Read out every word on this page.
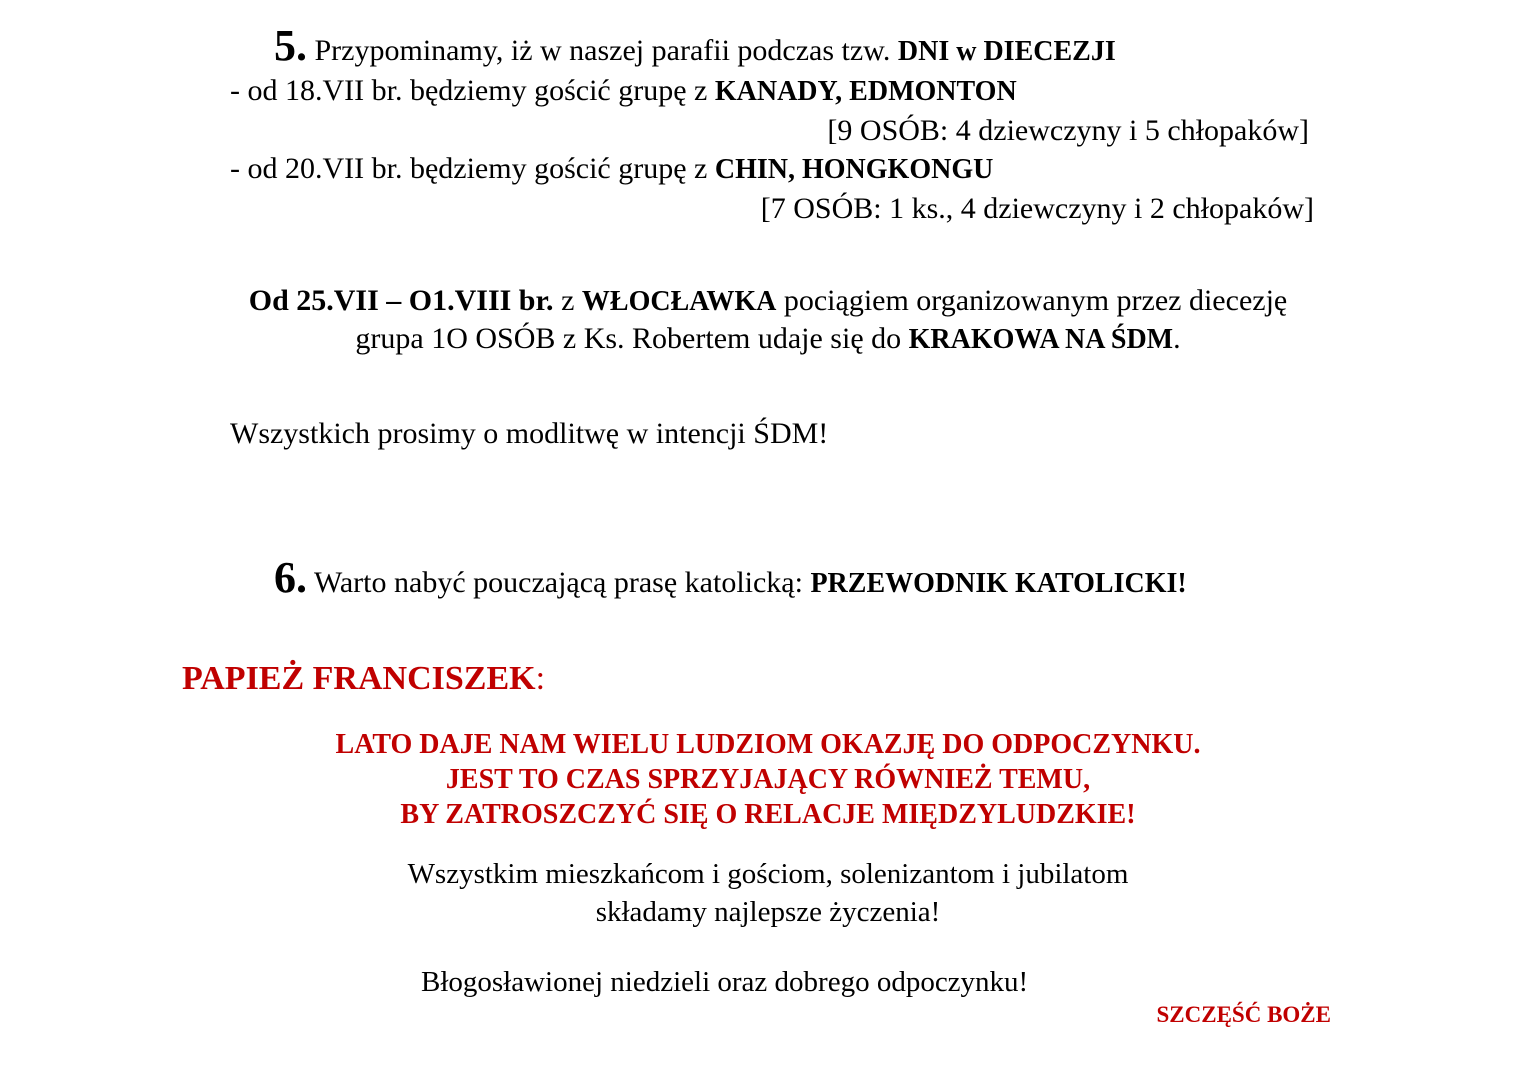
5. Przypominamy, iż w naszej parafii podczas tzw. DNI w DIECEZJI
- od 18.VII br. będziemy gościć grupę z KANADY, EDMONTON
[9 OSÓB: 4 dziewczyny i 5 chłopaków]
- od 20.VII br. będziemy gościć grupę z CHIN, HONGKONGU
[7 OSÓB: 1 ks., 4 dziewczyny i 2 chłopaków]
Od 25.VII – O1.VIII br. z WŁOCŁAWKA pociągiem organizowanym przez diecezję
grupa 1O OSÓB z Ks. Robertem udaje się do KRAKOWA NA ŚDM.
Wszystkich prosimy o modlitwę w intencji ŚDM!
6. Warto nabyć pouczającą prasę katolicką: PRZEWODNIK KATOLICKI!
PAPIEŻ FRANCISZEK:
LATO DAJE NAM WIELU LUDZIOM OKAZJĘ DO ODPOCZYNKU.
JEST TO CZAS SPRZYJAJĄCY RÓWNIEŻ TEMU,
BY ZATROSZCZYĆ SIĘ O RELACJE MIĘDZYLUDZKIE!
Wszystkim mieszkańcom i gościom, solenizantom i jubilatom
składamy najlepsze życzenia!
Błogosławionej niedzieli oraz dobrego odpoczynku!
SZCZĘŚĆ BOŻE
